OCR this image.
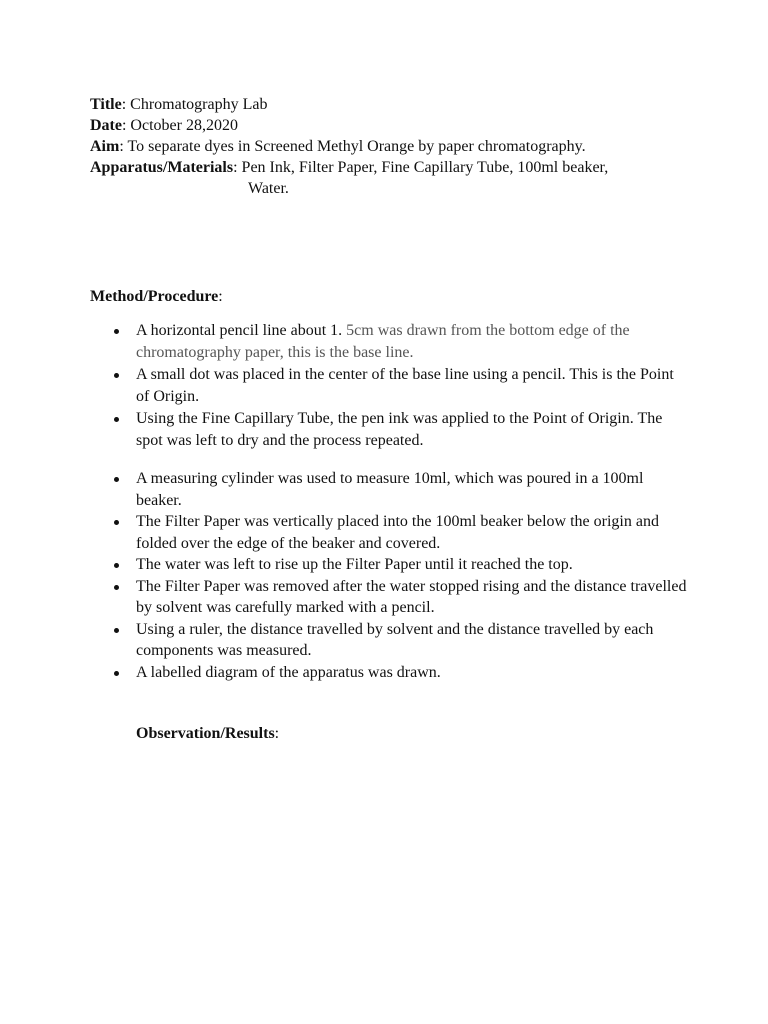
Title: Chromatography Lab
Date: October 28,2020
Aim: To separate dyes in Screened Methyl Orange by paper chromatography.
Apparatus/Materials: Pen Ink, Filter Paper, Fine Capillary Tube, 100ml beaker,
Water.
Method/Procedure:
A horizontal pencil line about 1. 5cm was drawn from the bottom edge of the chromatography paper, this is the base line.
A small dot was placed in the center of the base line using a pencil. This is the Point of Origin.
Using the Fine Capillary Tube, the pen ink was applied to the Point of Origin. The spot was left to dry and the process repeated.
A measuring cylinder was used to measure 10ml, which was poured in a 100ml beaker.
The Filter Paper was vertically placed into the 100ml beaker below the origin and folded over the edge of the beaker and covered.
The water was left to rise up the Filter Paper until it reached the top.
The Filter Paper was removed after the water stopped rising and the distance travelled by solvent was carefully marked with a pencil.
Using a ruler, the distance travelled by solvent and the distance travelled by each components was measured.
A labelled diagram of the apparatus was drawn.
Observation/Results:
